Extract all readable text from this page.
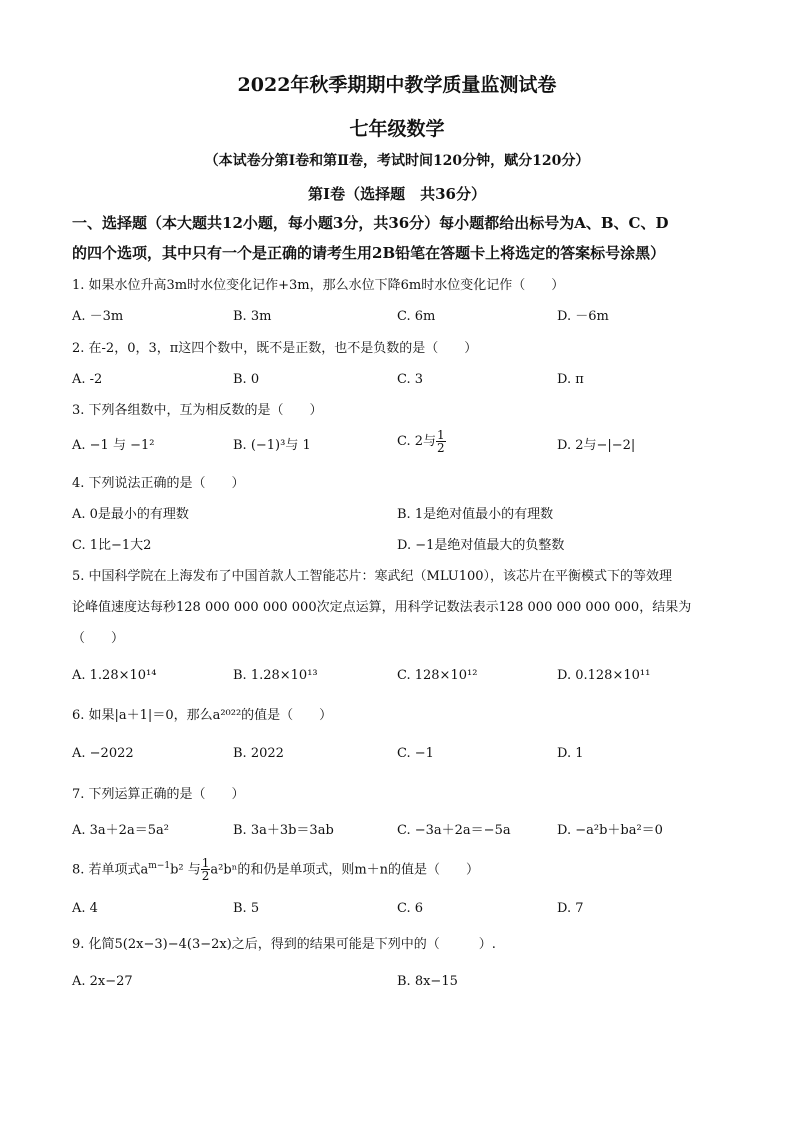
2022年秋季期期中教学质量监测试卷
七年级数学
（本试卷分第Ⅰ卷和第Ⅱ卷，考试时间120分钟，赋分120分）
第Ⅰ卷（选择题　共36分）
一、选择题（本大题共12小题，每小题3分，共36分）每小题都给出标号为A、B、C、D
的四个选项，其中只有一个是正确的请考生用2B铅笔在答题卡上将选定的答案标号涂黑）
1. 如果水位升高3m时水位变化记作+3m，那么水位下降6m时水位变化记作（　　）
A. －3m	B. 3m	C. 6m	D. －6m
2. 在-2，0，3，π这四个数中，既不是正数，也不是负数的是（　　）
A. -2	B. 0	C. 3	D. π
3. 下列各组数中，互为相反数的是（　　）
A. −1 与 −1²	B. (−1)³与 1	C. 2与 $\frac{1}{2}$	D. 2与−|−2|
4. 下列说法正确的是（　　）
A. 0是最小的有理数	B. 1是绝对值最小的有理数
C. 1比−1大2	D. −1是绝对值最大的负整数
5. 中国科学院在上海发布了中国首款人工智能芯片：寒武纪（MLU100），该芯片在平衡模式下的等效理
论峰值速度达每秒128 000 000 000 000次定点运算，用科学记数法表示128 000 000 000 000，结果为
（　　）
A. 1.28×10¹⁴	B. 1.28×10¹³	C. 128×10¹²	D. 0.128×10¹¹
6. 如果|a＋1|＝0，那么a²⁰²²的值是（　　）
A. −2022	B. 2022	C. −1	D. 1
7. 下列运算正确的是（　　）
A. 3a＋2a＝5a²	B. 3a＋3b＝3ab	C. −3a＋2a＝−5a	D. −a²b＋ba²＝0
8. 若单项式$a^{m-1}b^2$ 与 $\frac{1}{2} a^2b^n$的和仍是单项式，则m＋n的值是（　　）
A. 4	B. 5	C. 6	D. 7
9. 化简5(2x−3)−4(3−2x)之后，得到的结果可能是下列中的（　　　）.
A. 2x−27	B. 8x−15
